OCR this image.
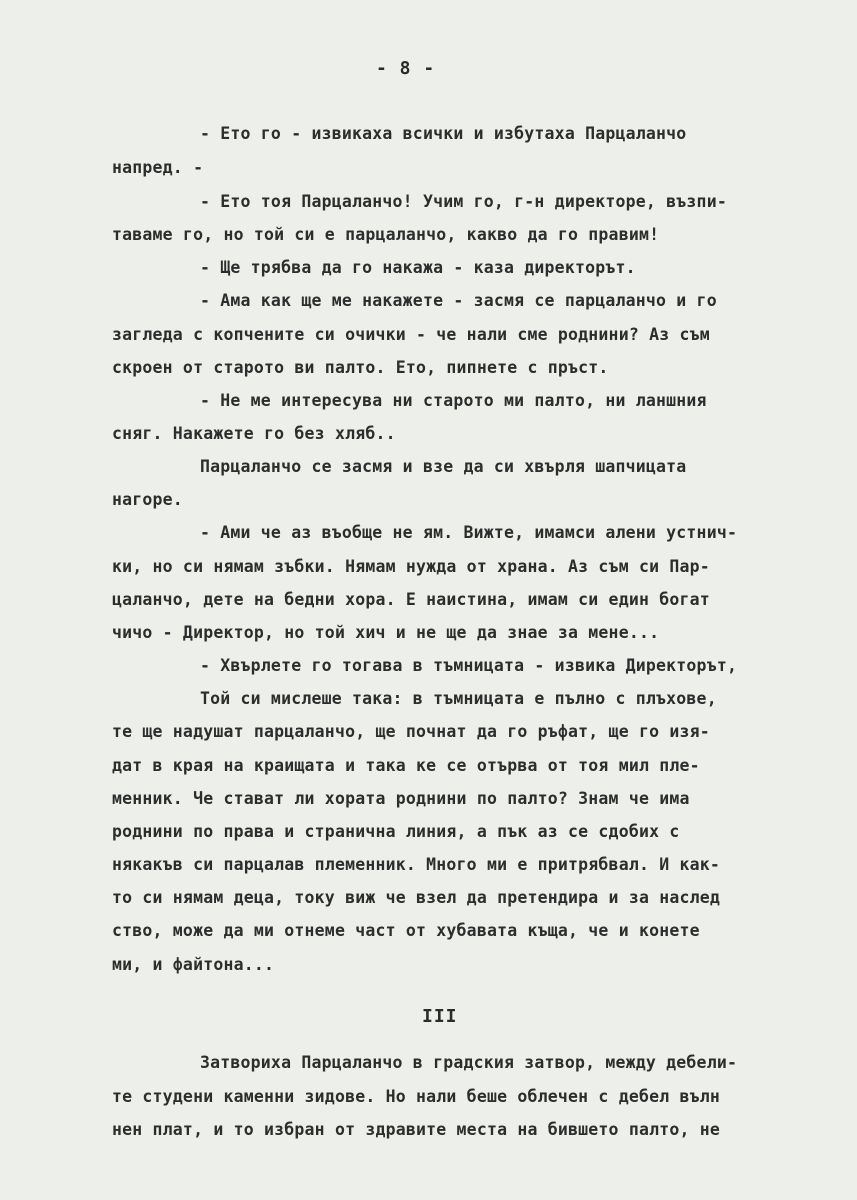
- 8 -
- Ето го - извикаха всички и избутаха Парцаланчо
напред. -
- Ето тоя Парцаланчо! Учим го, г-н директоре, възпи-
таваме го, но той си е парцаланчо, какво да го правим!
- Ще трябва да го накажа - каза директорът.
- Ама как ще ме накажете - засмя се парцаланчо и го
загледа с копчените си очички - че нали сме роднини? Аз съм
скроен от старото ви палто. Ето, пипнете с пръст.
- Не ме интересува ни старото ми палто, ни ланшния
сняг. Накажете го без хляб..
Парцаланчо се засмя и взе да си хвърля шапчицата
нагоре.
- Ами че аз въобще не ям. Вижте, имамси алени устнич-
ки, но си нямам зъбки. Нямам нужда от храна. Аз съм си Пар-
цаланчо, дете на бедни хора. Е наистина, имам си един богат
чичо - Директор, но той хич и не ще да знае за мене...
- Хвърлете го тогава в тъмницата - извика Директорът,
Той си мислеше така: в тъмницата е пълно с плъхове,
те ще надушат парцаланчо, ще почнат да го ръфат, ще го изя-
дат в края на краищата и така ке се отърва от тоя мил пле-
менник. Че стават ли хората роднини по палто? Знам че има
роднини по права и странична линия, а пък аз се сдобих с
някакъв си парцалав племенник. Много ми е притрябвал. И как-
то си нямам деца, току виж че взел да претендира и за наслед
ство, може да ми отнеме част от хубавата къща, че и конете
ми, и файтона...
III
Затвориха Парцаланчо в градския затвор, между дебели-
те студени каменни зидове. Но нали беше облечен с дебел вълн
нен плат, и то избран от здравите места на бившето палто, не
